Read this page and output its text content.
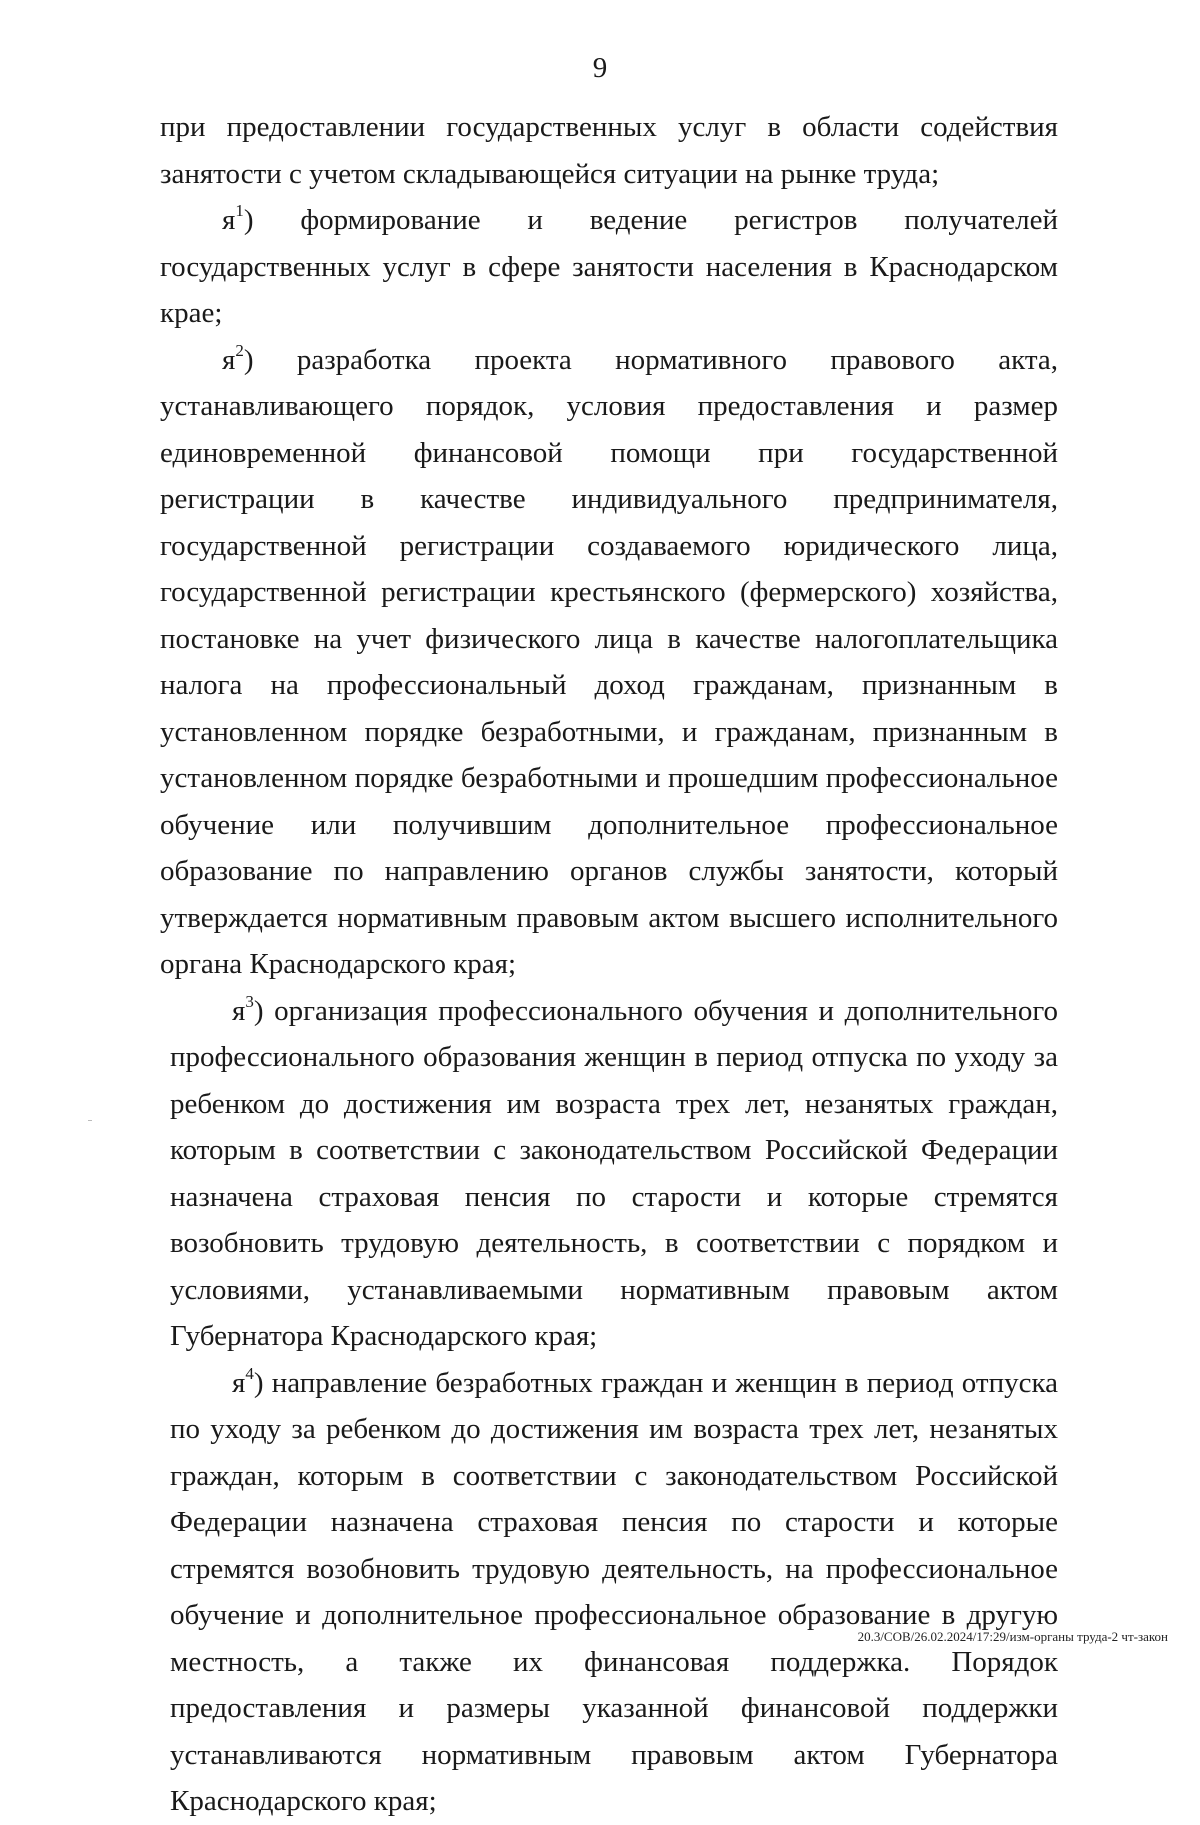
9

при предоставлении государственных услуг в области содействия занятости с учетом складывающейся ситуации на рынке труда;

$я^1$) формирование и ведение регистров получателей государственных услуг в сфере занятости населения в Краснодарском крае;

$я^2$) разработка проекта нормативного правового акта, устанавливающего порядок, условия предоставления и размер единовременной финансовой помощи при государственной регистрации в качестве индивидуального предпринимателя, государственной регистрации создаваемого юридического лица, государственной регистрации крестьянского (фермерского) хозяйства, постановке на учет физического лица в качестве налогоплательщика налога на профессиональный доход гражданам, признанным в установленном порядке безработными, и гражданам, признанным в установленном порядке безработными и прошедшим профессиональное обучение или получившим дополнительное профессиональное образование по направлению органов службы занятости, который утверждается нормативным правовым актом высшего исполнительного органа Краснодарского края;

$я^3$) организация профессионального обучения и дополнительного профессионального образования женщин в период отпуска по уходу за ребенком до достижения им возраста трех лет, незанятых граждан, которым в соответствии с законодательством Российской Федерации назначена страховая пенсия по старости и которые стремятся возобновить трудовую деятельность, в соответствии с порядком и условиями, устанавливаемыми нормативным правовым актом Губернатора Краснодарского края;

$я^4$) направление безработных граждан и женщин в период отпуска по уходу за ребенком до достижения им возраста трех лет, незанятых граждан, которым в соответствии с законодательством Российской Федерации назначена страховая пенсия по старости и которые стремятся возобновить трудовую деятельность, на профессиональное обучение и дополнительное профессиональное образование в другую местность, а также их финансовая поддержка. Порядок предоставления и размеры указанной финансовой поддержки устанавливаются нормативным правовым актом Губернатора Краснодарского края;

20.3/СОВ/26.02.2024/17:29/изм-органы труда-2 чт-закон
